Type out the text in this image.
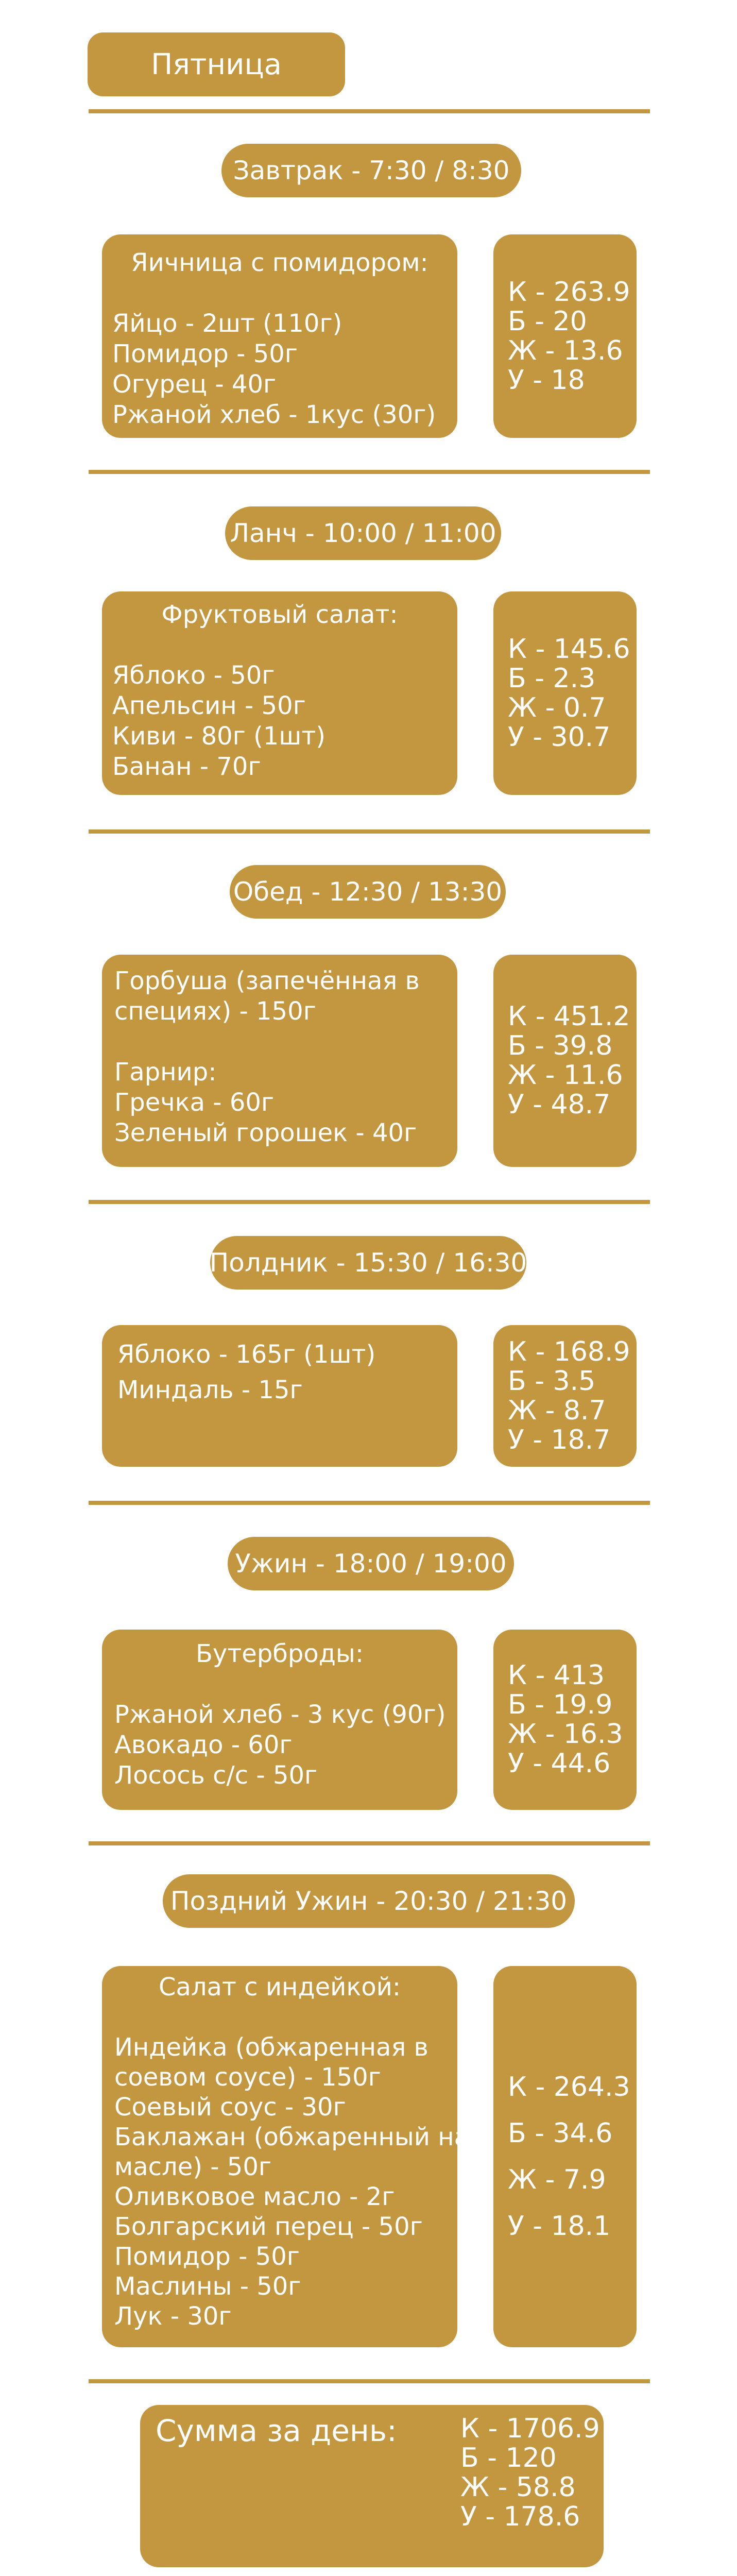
Пятница
Завтрак - 7:30 / 8:30
Яичница с помидором:
Яйцо - 2шт (110г)
Помидор - 50г
Огурец - 40г
Ржаной хлеб - 1кус (30г)
К - 263.9
Б - 20
Ж - 13.6
У - 18
Ланч - 10:00 / 11:00
Фруктовый салат:
Яблоко - 50г
Апельсин - 50г
Киви - 80г (1шт)
Банан - 70г
К - 145.6
Б - 2.3
Ж - 0.7
У - 30.7
Обед - 12:30 / 13:30
Горбуша (запечённая в
специях) - 150г
Гарнир:
Гречка - 60г
Зеленый горошек - 40г
К - 451.2
Б - 39.8
Ж - 11.6
У - 48.7
Полдник - 15:30 / 16:30
Яблоко - 165г (1шт)
Миндаль - 15г
К - 168.9
Б - 3.5
Ж - 8.7
У - 18.7
Ужин - 18:00 / 19:00
Бутерброды:
Ржаной хлеб - 3 кус (90г)
Авокадо - 60г
Лосось с/с - 50г
К - 413
Б - 19.9
Ж - 16.3
У - 44.6
Поздний Ужин - 20:30 / 21:30
Салат с индейкой:
Индейка (обжаренная в
соевом соусе) - 150г
Соевый соус - 30г
Баклажан (обжаренный на
масле) - 50г
Оливковое масло - 2г
Болгарский перец - 50г
Помидор - 50г
Маслины - 50г
Лук - 30г
К - 264.3
Б - 34.6
Ж - 7.9
У - 18.1
Сумма за день: К - 1706.9
Б - 120
Ж - 58.8
У - 178.6
